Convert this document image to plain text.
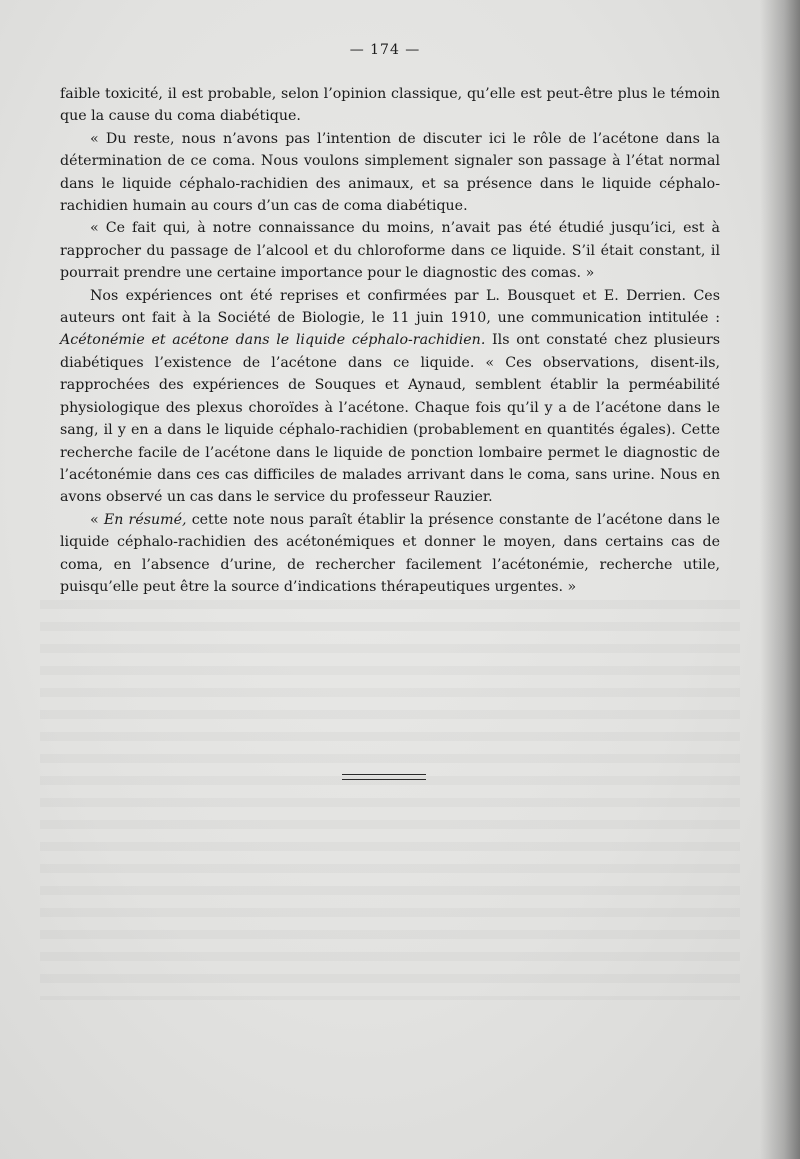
— 174 —

faible toxicité, il est probable, selon l’opinion classique, qu’elle est peut-être plus le témoin que la cause du coma diabétique.

« Du reste, nous n’avons pas l’intention de discuter ici le rôle de l’acétone dans la détermination de ce coma. Nous voulons simplement signaler son passage à l’état normal dans le liquide céphalo-rachidien des animaux, et sa présence dans le liquide céphalo-rachidien humain au cours d’un cas de coma diabétique.

« Ce fait qui, à notre connaissance du moins, n’avait pas été étudié jusqu’ici, est à rapprocher du passage de l’alcool et du chloroforme dans ce liquide. S’il était constant, il pourrait prendre une certaine importance pour le diagnostic des comas. »

Nos expériences ont été reprises et confirmées par L. Bousquet et E. Derrien. Ces auteurs ont fait à la Société de Biologie, le 11 juin 1910, une communication intitulée : Acétonémie et acétone dans le liquide céphalo-rachidien. Ils ont constaté chez plusieurs diabétiques l’existence de l’acétone dans ce liquide. « Ces observations, disent-ils, rapprochées des expériences de Souques et Aynaud, semblent établir la perméabilité physiologique des plexus choroïdes à l’acétone. Chaque fois qu’il y a de l’acétone dans le sang, il y en a dans le liquide céphalo-rachidien (probablement en quantités égales). Cette recherche facile de l’acétone dans le liquide de ponction lombaire permet le diagnostic de l’acétonémie dans ces cas difficiles de malades arrivant dans le coma, sans urine. Nous en avons observé un cas dans le service du professeur Rauzier.

« En résumé, cette note nous paraît établir la présence constante de l’acétone dans le liquide céphalo-rachidien des acétonémiques et donner le moyen, dans certains cas de coma, en l’absence d’urine, de rechercher facilement l’acétonémie, recherche utile, puisqu’elle peut être la source d’indications thérapeutiques urgentes. »
